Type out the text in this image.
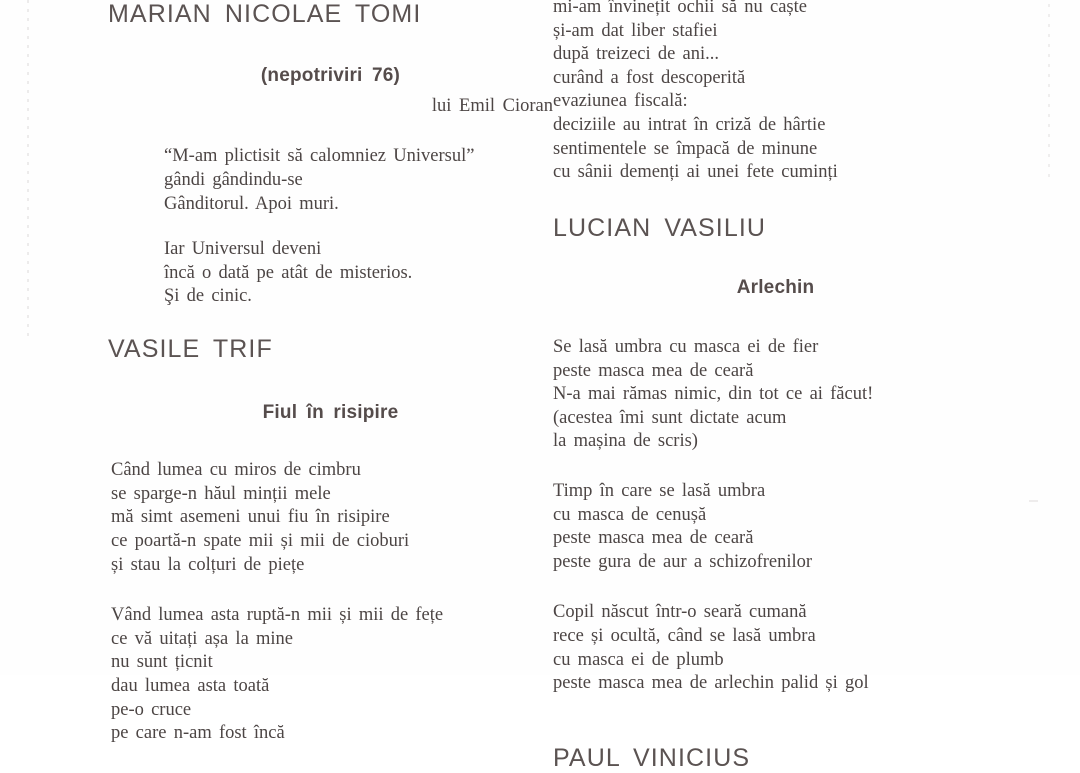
MARIAN NICOLAE TOMI
(nepotriviri 76)
lui Emil Cioran
“M-am plictisit să calomniez Universul”
gândi gândindu-se
Gânditorul. Apoi muri.
Iar Universul deveni
încă o dată pe atât de misterios.
Şi de cinic.
VASILE TRIF
Fiul în risipire
Când lumea cu miros de cimbru
se sparge-n hăul minții mele
mă simt asemeni unui fiu în risipire
ce poartă-n spate mii și mii de cioburi
și stau la colțuri de piețe
Vând lumea asta ruptă-n mii și mii de fețe
ce vă uitați așa la mine
nu sunt țicnit
dau lumea asta toată
pe-o cruce
pe care n-am fost încă
mi-am învinețit ochii să nu caște
și-am dat liber stafiei
după treizeci de ani...
curând a fost descoperită
evaziunea fiscală:
deciziile au intrat în criză de hârtie
sentimentele se împacă de minune
cu sânii demenți ai unei fete cuminți
LUCIAN VASILIU
Arlechin
Se lasă umbra cu masca ei de fier
peste masca mea de ceară
N-a mai rămas nimic, din tot ce ai făcut!
(acestea îmi sunt dictate acum
la mașina de scris)
Timp în care se lasă umbra
cu masca de cenușă
peste masca mea de ceară
peste gura de aur a schizofrenilor
Copil născut într-o seară cumană
rece și ocultă, când se lasă umbra
cu masca ei de plumb
peste masca mea de arlechin palid și gol
PAUL VINICIUS
